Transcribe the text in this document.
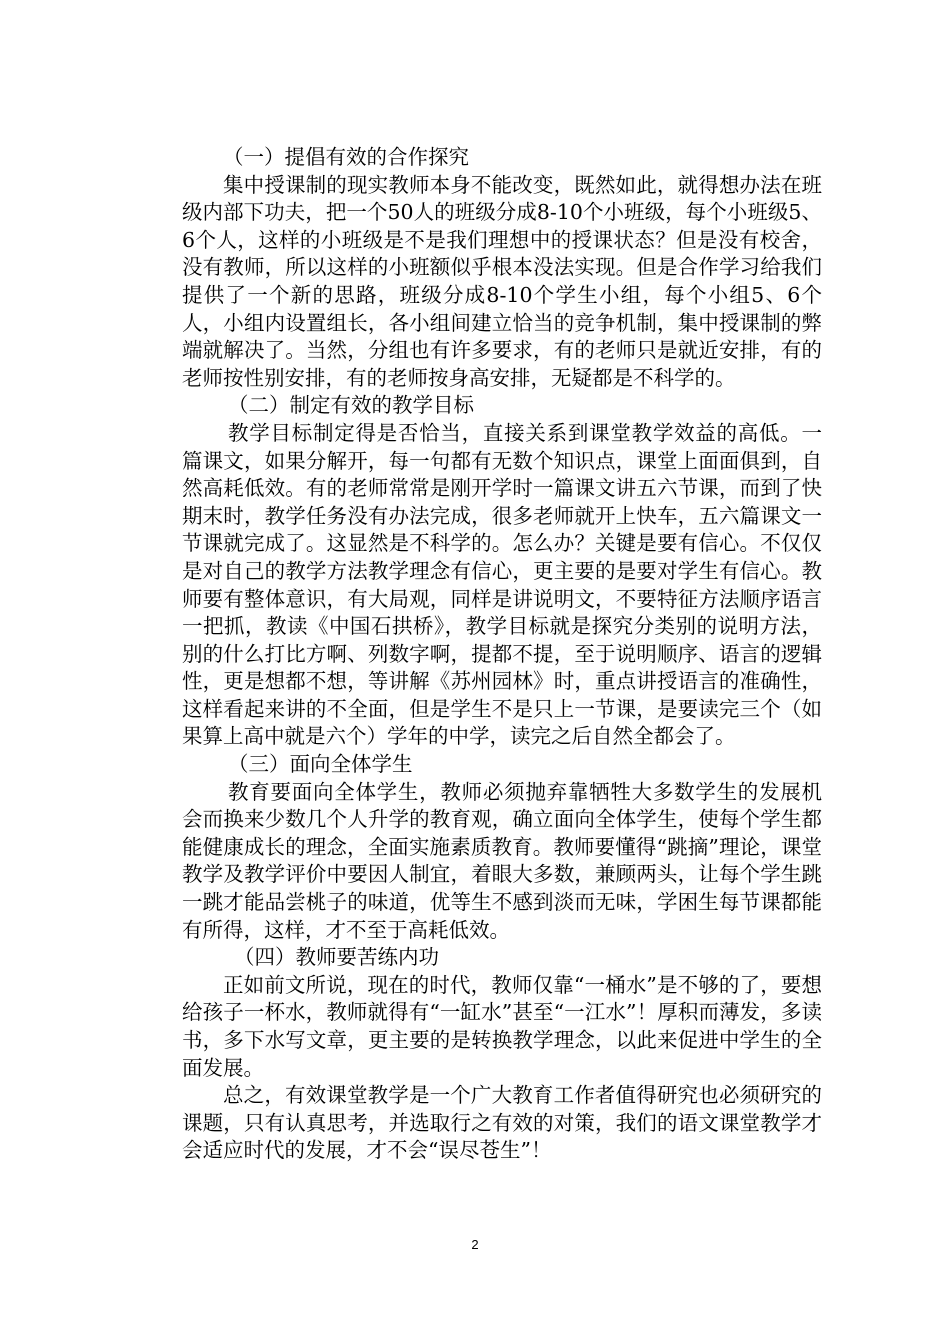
（一）提倡有效的合作探究

集中授课制的现实教师本身不能改变，既然如此，就得想办法在班级内部下功夫，把一个50人的班级分成8-10个小班级，每个小班级5、6个人，这样的小班级是不是我们理想中的授课状态？但是没有校舍，没有教师，所以这样的小班额似乎根本没法实现。但是合作学习给我们提供了一个新的思路，班级分成8-10个学生小组，每个小组5、6个人，小组内设置组长，各小组间建立恰当的竞争机制，集中授课制的弊端就解决了。当然，分组也有许多要求，有的老师只是就近安排，有的老师按性别安排，有的老师按身高安排，无疑都是不科学的。

（二）制定有效的教学目标

教学目标制定得是否恰当，直接关系到课堂教学效益的高低。一篇课文，如果分解开，每一句都有无数个知识点，课堂上面面俱到，自然高耗低效。有的老师常常是刚开学时一篇课文讲五六节课，而到了快期末时，教学任务没有办法完成，很多老师就开上快车，五六篇课文一节课就完成了。这显然是不科学的。怎么办？关键是要有信心。不仅仅是对自己的教学方法教学理念有信心，更主要的是要对学生有信心。教师要有整体意识，有大局观，同样是讲说明文，不要特征方法顺序语言一把抓，教读《中国石拱桥》，教学目标就是探究分类别的说明方法，别的什么打比方啊、列数字啊，提都不提，至于说明顺序、语言的逻辑性，更是想都不想，等讲解《苏州园林》时，重点讲授语言的准确性，这样看起来讲的不全面，但是学生不是只上一节课，是要读完三个（如果算上高中就是六个）学年的中学，读完之后自然全都会了。

（三）面向全体学生

教育要面向全体学生，教师必须抛弃靠牺牲大多数学生的发展机会而换来少数几个人升学的教育观，确立面向全体学生，使每个学生都能健康成长的理念，全面实施素质教育。教师要懂得“跳摘”理论，课堂教学及教学评价中要因人制宜，着眼大多数，兼顾两头，让每个学生跳一跳才能品尝桃子的味道，优等生不感到淡而无味，学困生每节课都能有所得，这样，才不至于高耗低效。

（四）教师要苦练内功

正如前文所说，现在的时代，教师仅靠“一桶水”是不够的了，要想给孩子一杯水，教师就得有“一缸水”甚至“一江水”！厚积而薄发，多读书，多下水写文章，更主要的是转换教学理念，以此来促进中学生的全面发展。

总之，有效课堂教学是一个广大教育工作者值得研究也必须研究的课题，只有认真思考，并选取行之有效的对策，我们的语文课堂教学才会适应时代的发展，才不会“误尽苍生”！

2
